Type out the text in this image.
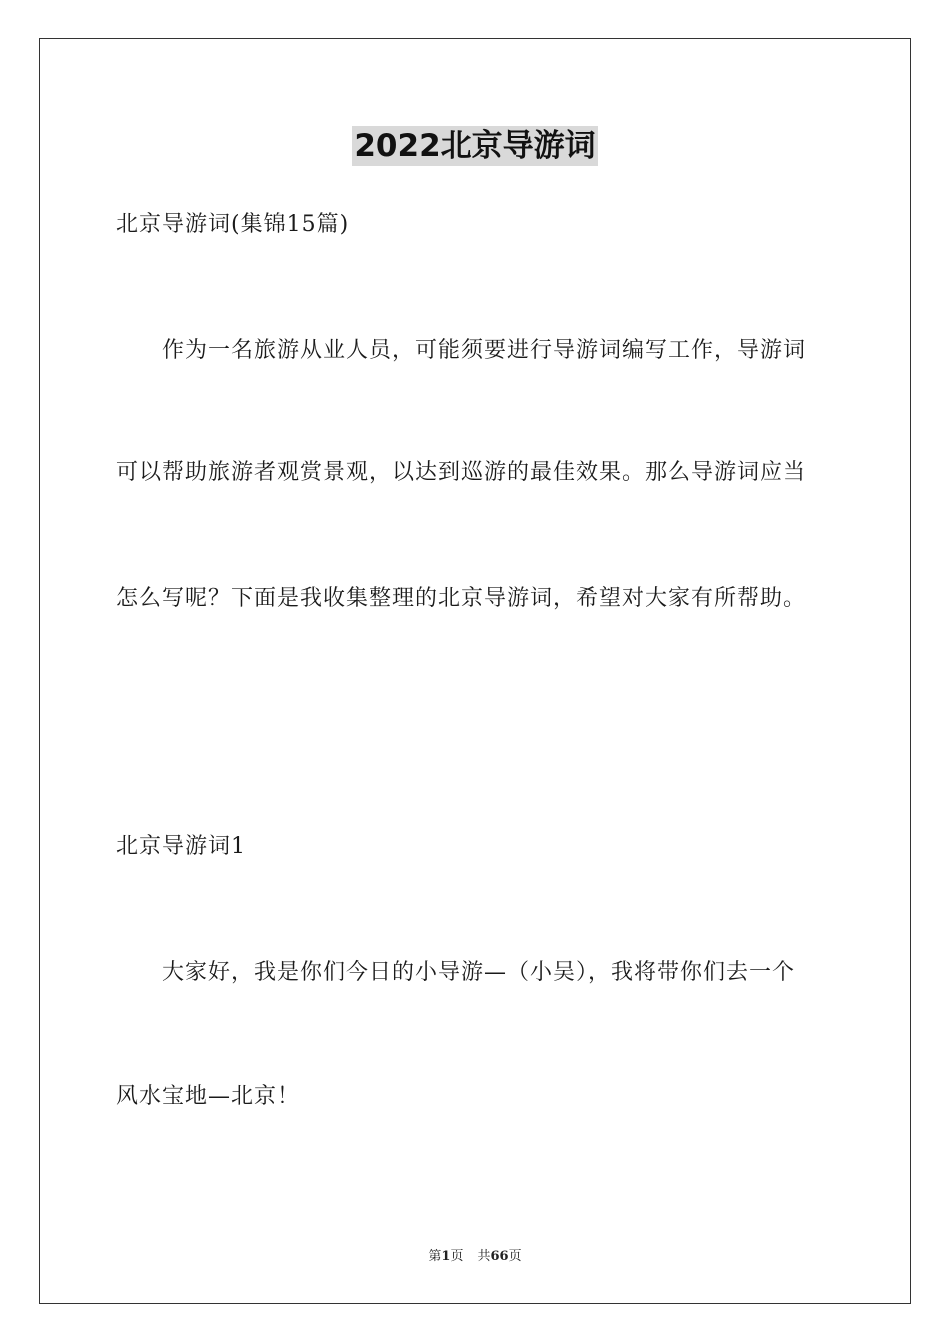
2022北京导游词
北京导游词(集锦15篇)
作为一名旅游从业人员，可能须要进行导游词编写工作，导游词
可以帮助旅游者观赏景观，以达到巡游的最佳效果。那么导游词应当
怎么写呢？下面是我收集整理的北京导游词，希望对大家有所帮助。
北京导游词1
大家好，我是你们今日的小导游—（小吴），我将带你们去一个
风水宝地—北京！
第1页 共66页
